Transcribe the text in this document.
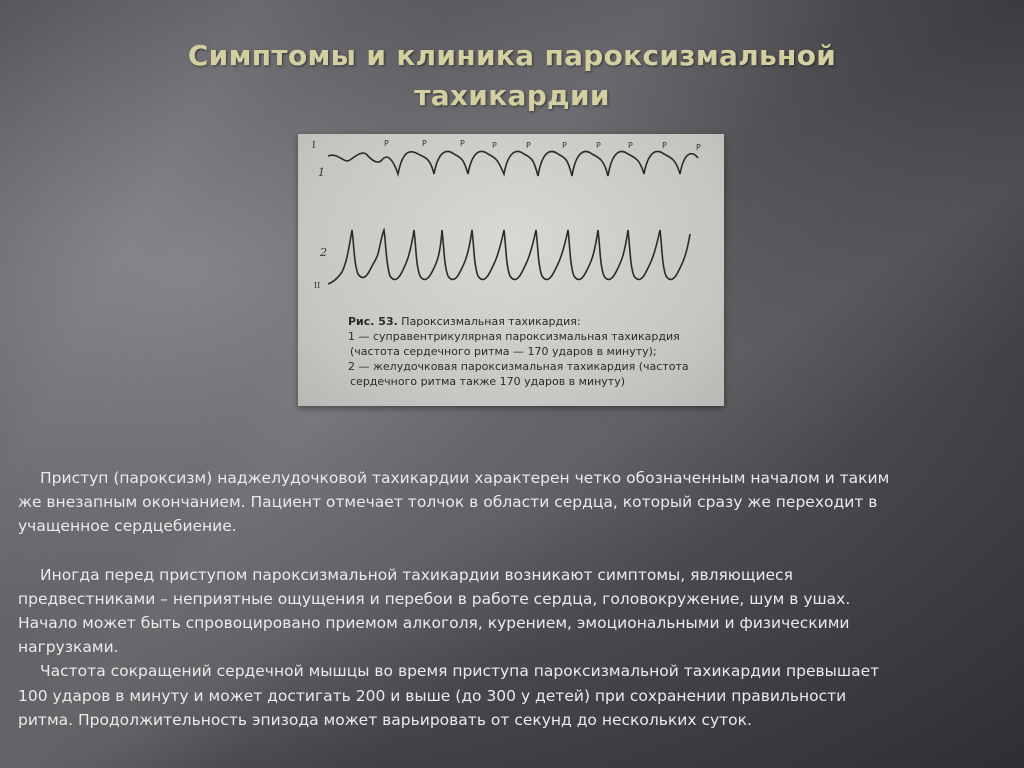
Симптомы и клиника пароксизмальной
тахикардии
I
1
2
II
P	P	P	P	P	P	P	P	P	P
Рис. 53. Пароксизмальная тахикардия:
1 — суправентрикулярная пароксизмальная тахикардия
(частота сердечного ритма — 170 ударов в минуту);
2 — желудочковая пароксизмальная тахикардия (частота
сердечного ритма также 170 ударов в минуту)

Приступ (пароксизм) наджелудочковой тахикардии характерен четко обозначенным началом и таким же внезапным окончанием. Пациент отмечает толчок в области сердца, который сразу же переходит в учащенное сердцебиение.

Иногда перед приступом пароксизмальной тахикардии возникают симптомы, являющиеся предвестниками – неприятные ощущения и перебои в работе сердца, головокружение, шум в ушах. Начало может быть спровоцировано приемом алкоголя, курением, эмоциональными и физическими нагрузками.

Частота сокращений сердечной мышцы во время приступа пароксизмальной тахикардии превышает 100 ударов в минуту и может достигать 200 и выше (до 300 у детей) при сохранении правильности ритма. Продолжительность эпизода может варьировать от секунд до нескольких суток.
